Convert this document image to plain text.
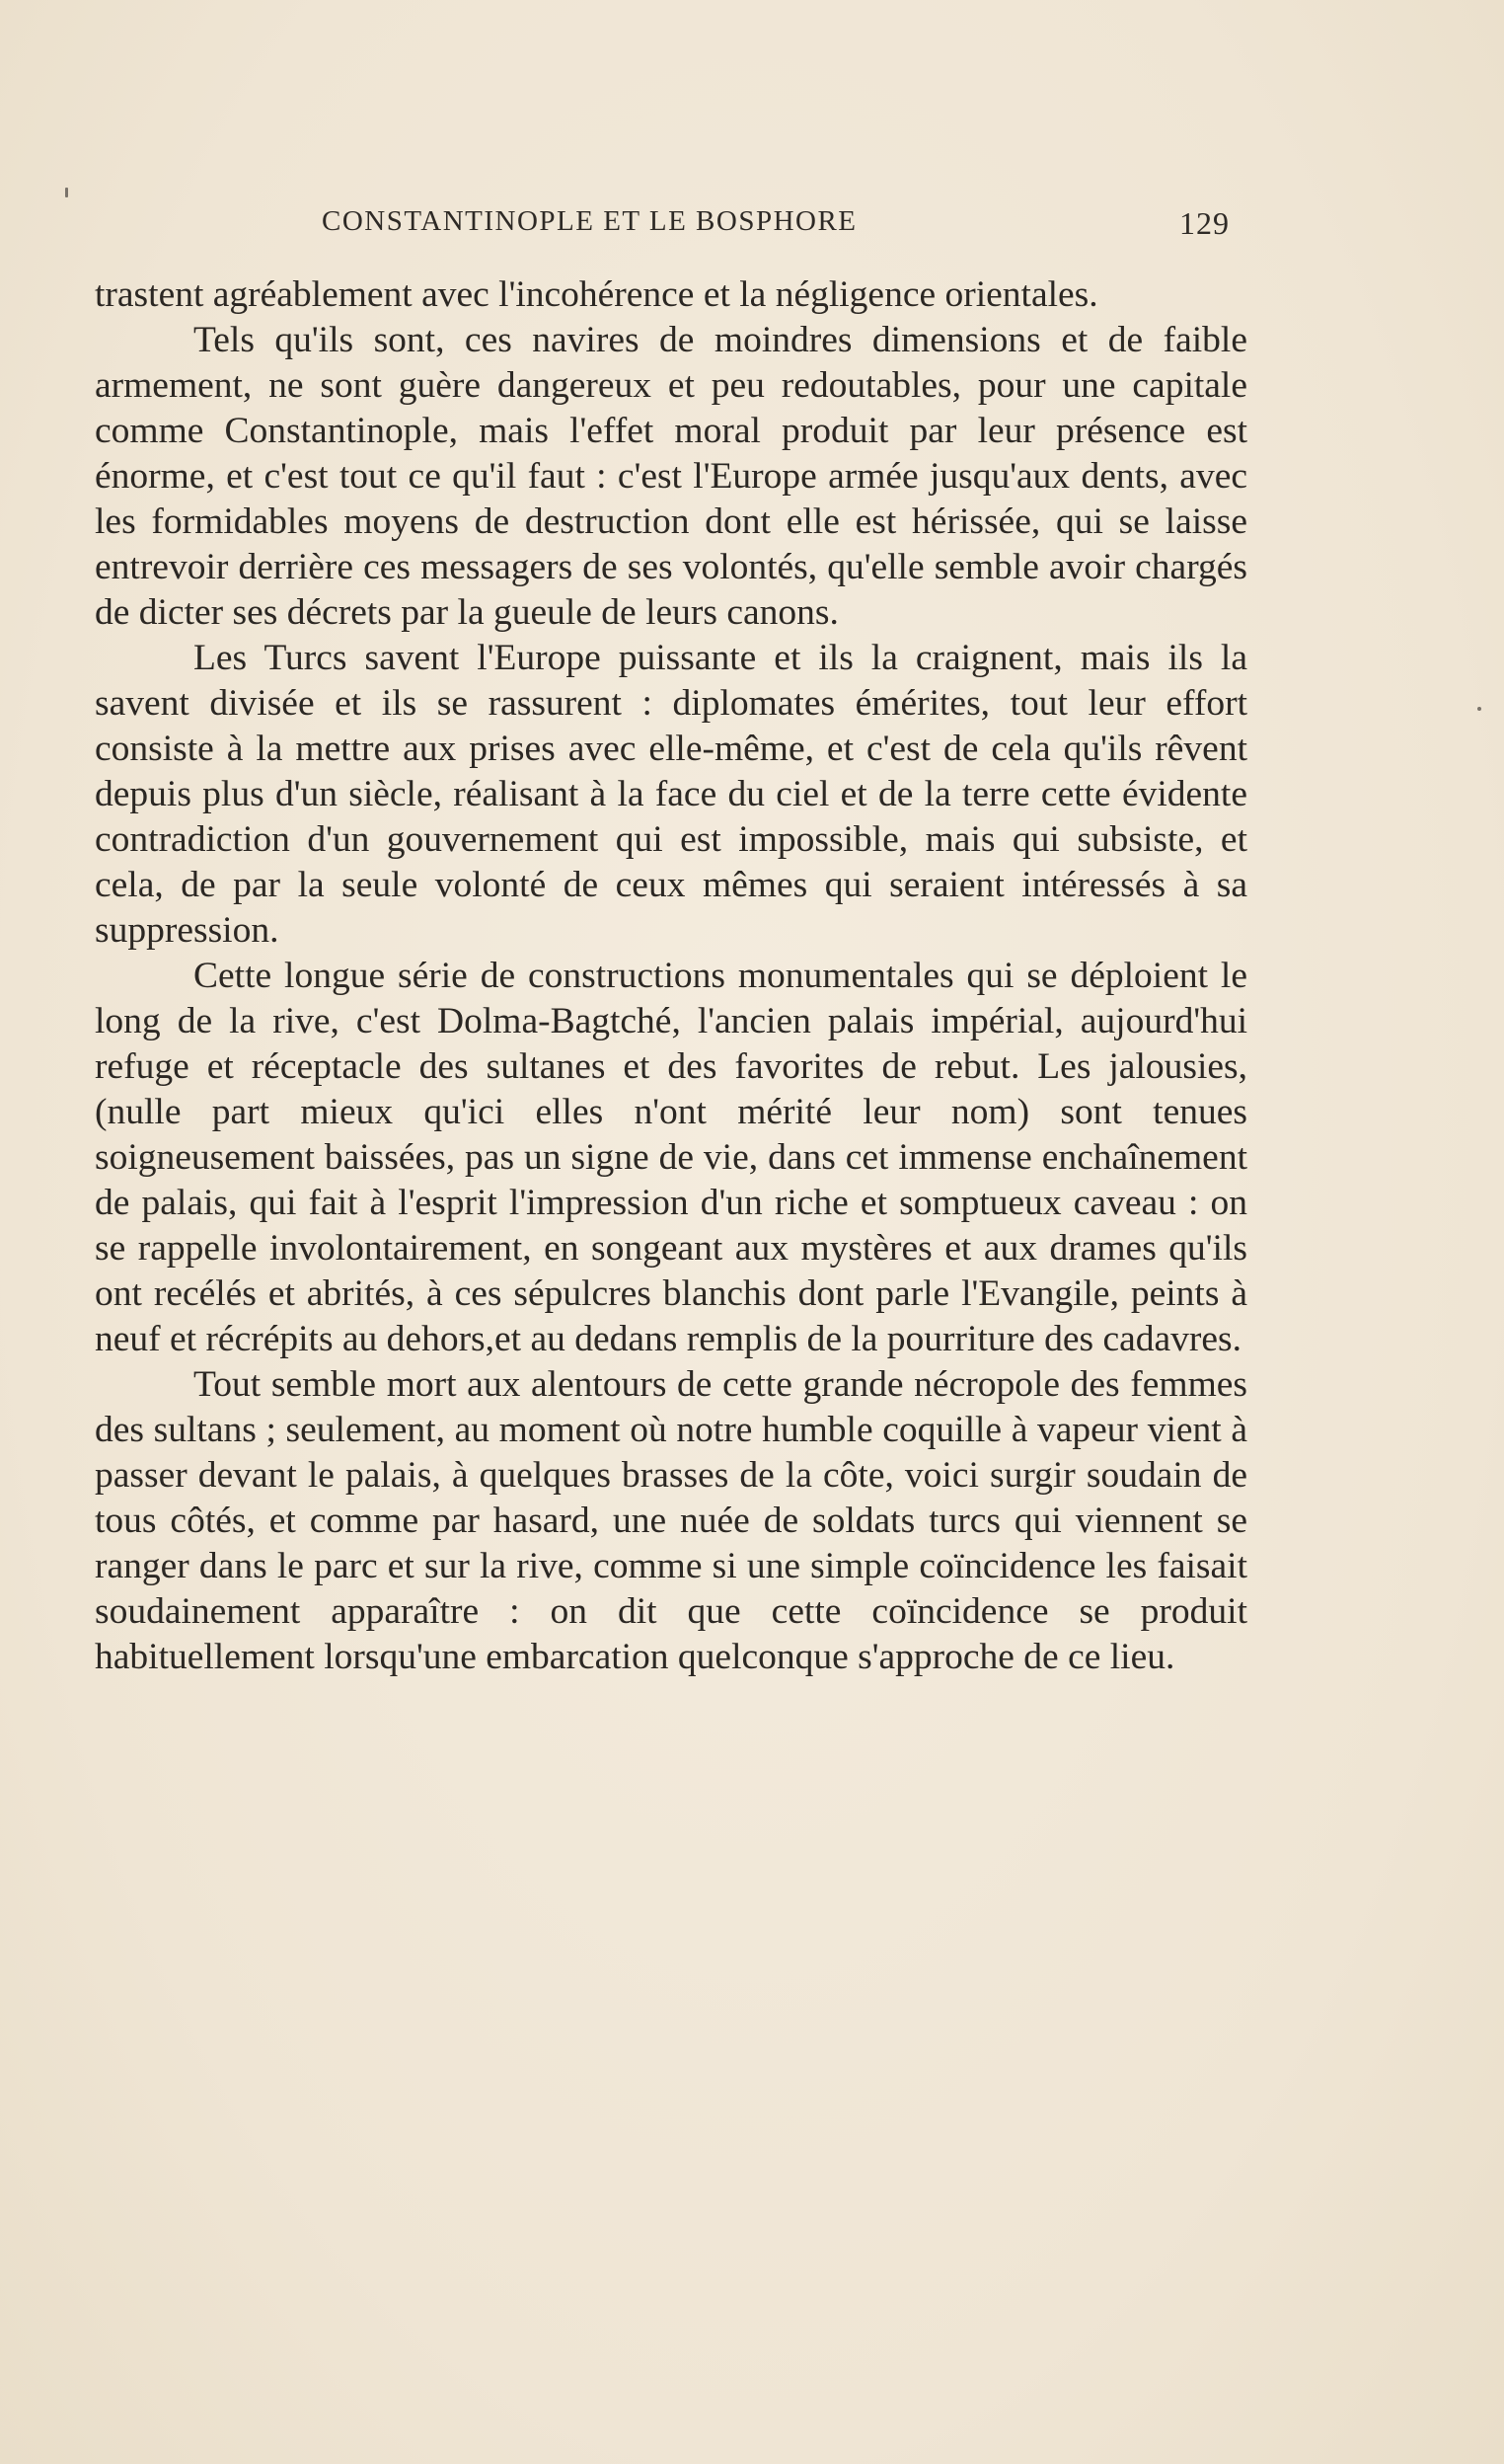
CONSTANTINOPLE ET LE BOSPHORE	129

trastent agréablement avec l'incohérence et la négligence orientales.

Tels qu'ils sont, ces navires de moindres dimensions et de faible armement, ne sont guère dangereux et peu redoutables, pour une capitale comme Constantinople, mais l'effet moral produit par leur présence est énorme, et c'est tout ce qu'il faut : c'est l'Europe armée jusqu'aux dents, avec les formidables moyens de destruction dont elle est hérissée, qui se laisse entrevoir derrière ces messagers de ses volontés, qu'elle semble avoir chargés de dicter ses décrets par la gueule de leurs canons.

Les Turcs savent l'Europe puissante et ils la craignent, mais ils la savent divisée et ils se rassurent : diplomates émérites, tout leur effort consiste à la mettre aux prises avec elle-même, et c'est de cela qu'ils rêvent depuis plus d'un siècle, réalisant à la face du ciel et de la terre cette évidente contradiction d'un gouvernement qui est impossible, mais qui subsiste, et cela, de par la seule volonté de ceux mêmes qui seraient intéressés à sa suppression.

Cette longue série de constructions monumentales qui se déploient le long de la rive, c'est Dolma-Bagtché, l'ancien palais impérial, aujourd'hui refuge et réceptacle des sultanes et des favorites de rebut. Les jalousies, (nulle part mieux qu'ici elles n'ont mérité leur nom) sont tenues soigneusement baissées, pas un signe de vie, dans cet immense enchaînement de palais, qui fait à l'esprit l'impression d'un riche et somptueux caveau : on se rappelle involontairement, en songeant aux mystères et aux drames qu'ils ont recélés et abrités, à ces sépulcres blanchis dont parle l'Evangile, peints à neuf et récrépits au dehors,et au dedans remplis de la pourriture des cadavres.

Tout semble mort aux alentours de cette grande nécropole des femmes des sultans ; seulement, au moment où notre humble coquille à vapeur vient à passer devant le palais, à quelques brasses de la côte, voici surgir soudain de tous côtés, et comme par hasard, une nuée de soldats turcs qui viennent se ranger dans le parc et sur la rive, comme si une simple coïncidence les faisait soudainement apparaître : on dit que cette coïncidence se produit habituellement lorsqu'une embarcation quelconque s'approche de ce lieu.
